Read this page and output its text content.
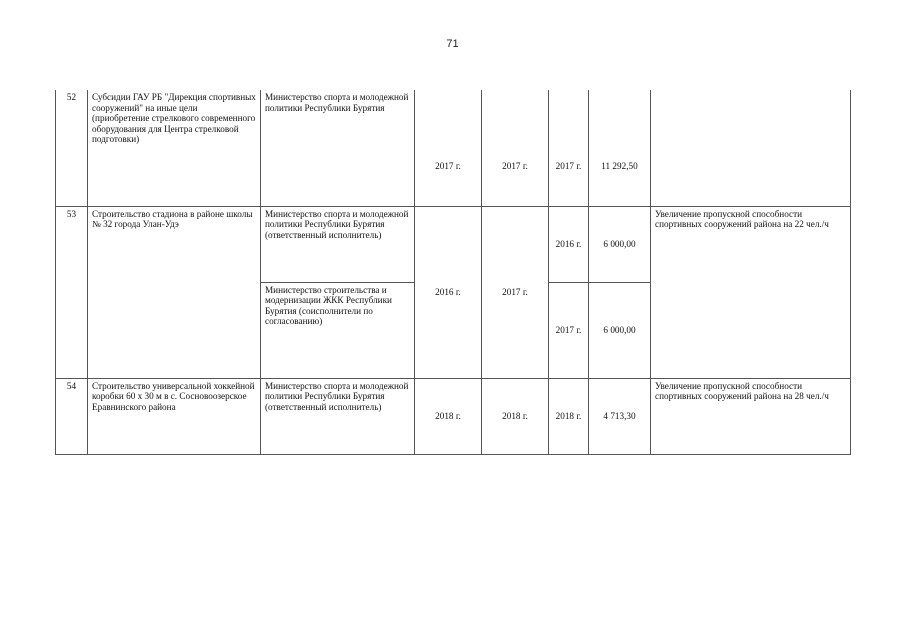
71
52	Субсидии ГАУ РБ "Дирекция спортивных сооружений" на иные цели (приобретение стрелкового современного оборудования для Центра стрелковой подготовки)	Министерство спорта и молодежной политики Республики Бурятия	2017 г.	2017 г.	2017 г.	11 292,50	
53	Строительство стадиона в районе школы № 32 города Улан-Удэ	Министерство спорта и молодежной политики Республики Бурятия (ответственный исполнитель)	2016 г.	2017 г.	2016 г.	6 000,00	Увеличение пропускной способности спортивных сооружений района на 22 чел./ч
		Министерство строительства и модернизации ЖКК Республики Бурятия (соисполнители по согласованию)			2017 г.	6 000,00	
54	Строительство универсальной хоккейной коробки 60 х 30 м в с. Сосновоозерское Еравнинского района	Министерство спорта и молодежной политики Республики Бурятия (ответственный исполнитель)	2018 г.	2018 г.	2018 г.	4 713,30	Увеличение пропускной способности спортивных сооружений района на 28 чел./ч
